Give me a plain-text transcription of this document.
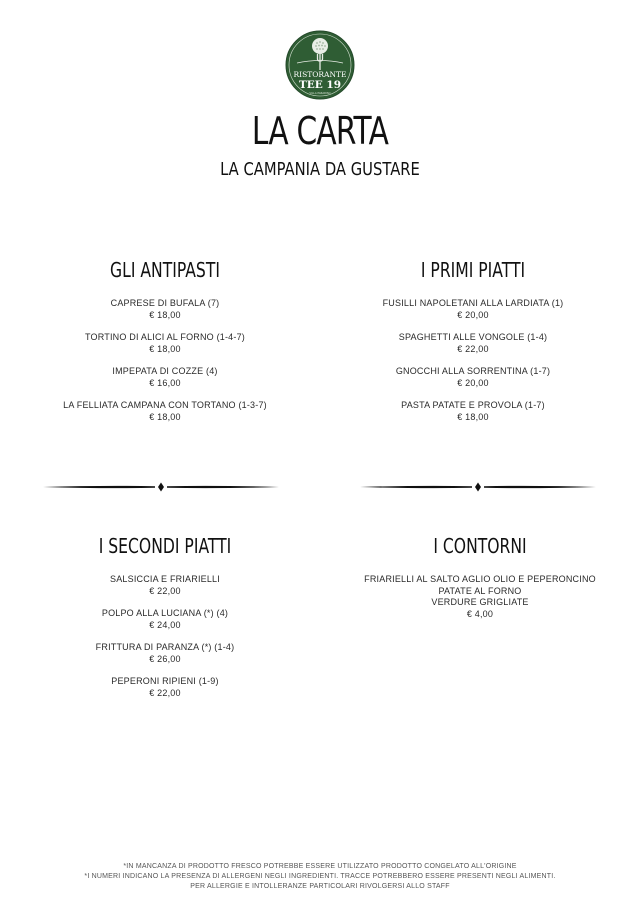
RISTORANTE
TEE 19
VILLA PARADISO
LA CARTA
LA CAMPANIA DA GUSTARE
GLI ANTIPASTI
CAPRESE DI BUFALA (7)
€ 18,00
TORTINO DI ALICI AL FORNO (1-4-7)
€ 18,00
IMPEPATA DI COZZE (4)
€ 16,00
LA FELLIATA CAMPANA CON TORTANO (1-3-7)
€ 18,00
I PRIMI PIATTI
FUSILLI NAPOLETANI ALLA LARDIATA (1)
€ 20,00
SPAGHETTI ALLE VONGOLE (1-4)
€ 22,00
GNOCCHI ALLA SORRENTINA (1-7)
€ 20,00
PASTA PATATE E PROVOLA (1-7)
€ 18,00
I SECONDI PIATTI
SALSICCIA E FRIARIELLI
€ 22,00
POLPO ALLA LUCIANA (*) (4)
€ 24,00
FRITTURA DI PARANZA (*) (1-4)
€ 26,00
PEPERONI RIPIENI (1-9)
€ 22,00
I CONTORNI
FRIARIELLI AL SALTO AGLIO OLIO E PEPERONCINO
PATATE AL FORNO
VERDURE GRIGLIATE
€ 4,00
*IN MANCANZA DI PRODOTTO FRESCO POTREBBE ESSERE UTILIZZATO PRODOTTO CONGELATO ALL'ORIGINE
*I NUMERI INDICANO LA PRESENZA DI ALLERGENI NEGLI INGREDIENTI. TRACCE POTREBBERO ESSERE PRESENTI NEGLI ALIMENTI.
PER ALLERGIE E INTOLLERANZE PARTICOLARI RIVOLGERSI ALLO STAFF
